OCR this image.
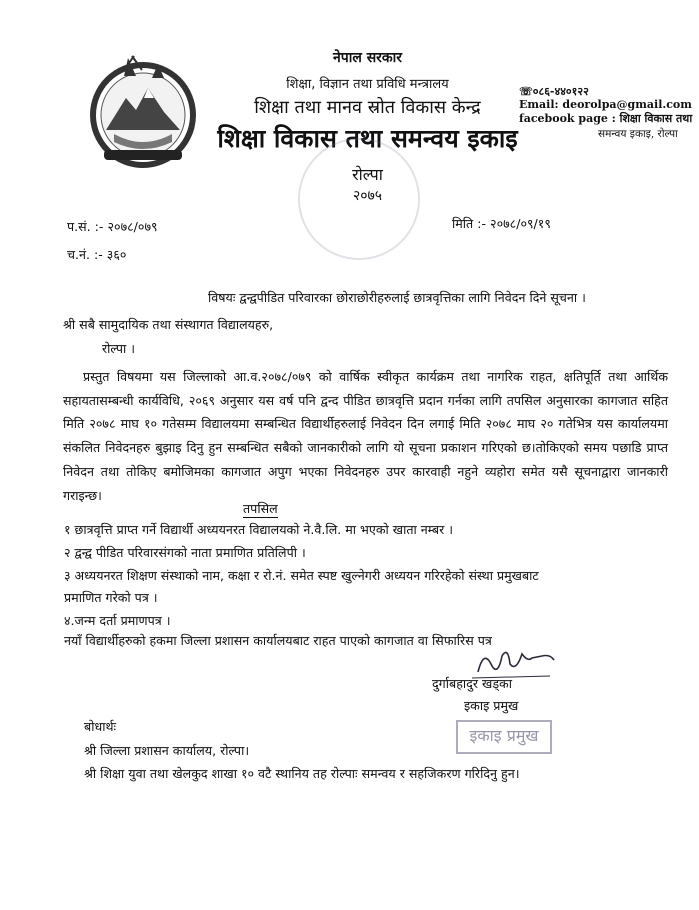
नेपाल सरकार
शिक्षा, विज्ञान तथा प्रविधि मन्त्रालय
शिक्षा तथा मानव स्रोत विकास केन्द्र
शिक्षा विकास तथा समन्वय इकाइ
रोल्पा
२०७५
☏०८६-४४०१२२
Email: deorolpa@gmail.com
facebook page : शिक्षा विकास तथा
समन्वय इकाइ, रोल्पा
प.सं. :- २०७८/०७९
च.नं. :- ३६०
मिति :- २०७८/०९/१९
विषयः द्वन्द्वपीडित परिवारका छोराछोरीहरुलाई छात्रवृत्तिका लागि निवेदन दिने सूचना ।
श्री सबै सामुदायिक तथा संस्थागत विद्यालयहरु,
रोल्पा ।
प्रस्तुत विषयमा यस जिल्लाको आ.व.२०७८/०७९ को वार्षिक स्वीकृत कार्यक्रम तथा नागरिक राहत, क्षतिपूर्ति तथा आर्थिक सहायतासम्बन्धी कार्यविधि, २०६९ अनुसार यस वर्ष पनि द्वन्द पीडित छात्रवृत्ति प्रदान गर्नका लागि तपसिल अनुसारका कागजात सहित मिति २०७८ माघ १० गतेसम्म विद्यालयमा सम्बन्धित विद्यार्थीहरुलाई निवेदन दिन लगाई मिति २०७८ माघ २० गतेभित्र यस कार्यालयमा संकलित निवेदनहरु बुझाइ दिनु हुन सम्बन्धित सबैको जानकारीको लागि यो सूचना प्रकाशन गरिएको छ।तोकिएको समय पछाडि प्राप्त निवेदन तथा तोकिए बमोजिमका कागजात अपुग भएका निवेदनहरु उपर कारवाही नहुने व्यहोरा समेत यसै सूचनाद्वारा जानकारी गराइन्छ।
तपसिल
१ छात्रवृत्ति प्राप्त गर्ने विद्यार्थी अध्ययनरत विद्यालयको ने.वै.लि. मा भएको खाता नम्बर ।
२ द्वन्द्व पीडित परिवारसंगको नाता प्रमाणित प्रतिलिपी ।
३ अध्ययनरत शिक्षण संस्थाको नाम, कक्षा र रो.नं. समेत स्पष्ट खुल्नेगरी अध्ययन गरिरहेको संस्था प्रमुखबाट
प्रमाणित गरेको पत्र ।
४.जन्म दर्ता प्रमाणपत्र ।
नयाँ विद्यार्थीहरुको हकमा जिल्ला प्रशासन कार्यालयबाट राहत पाएको कागजात वा सिफारिस पत्र
दुर्गाबहादुर खड्का
इकाइ प्रमुख
इकाइ प्रमुख
बोधार्थः
श्री जिल्ला प्रशासन कार्यालय, रोल्पा।
श्री शिक्षा युवा तथा खेलकुद शाखा १० वटै स्थानिय तह रोल्पाः समन्वय र सहजिकरण गरिदिनु हुन।
